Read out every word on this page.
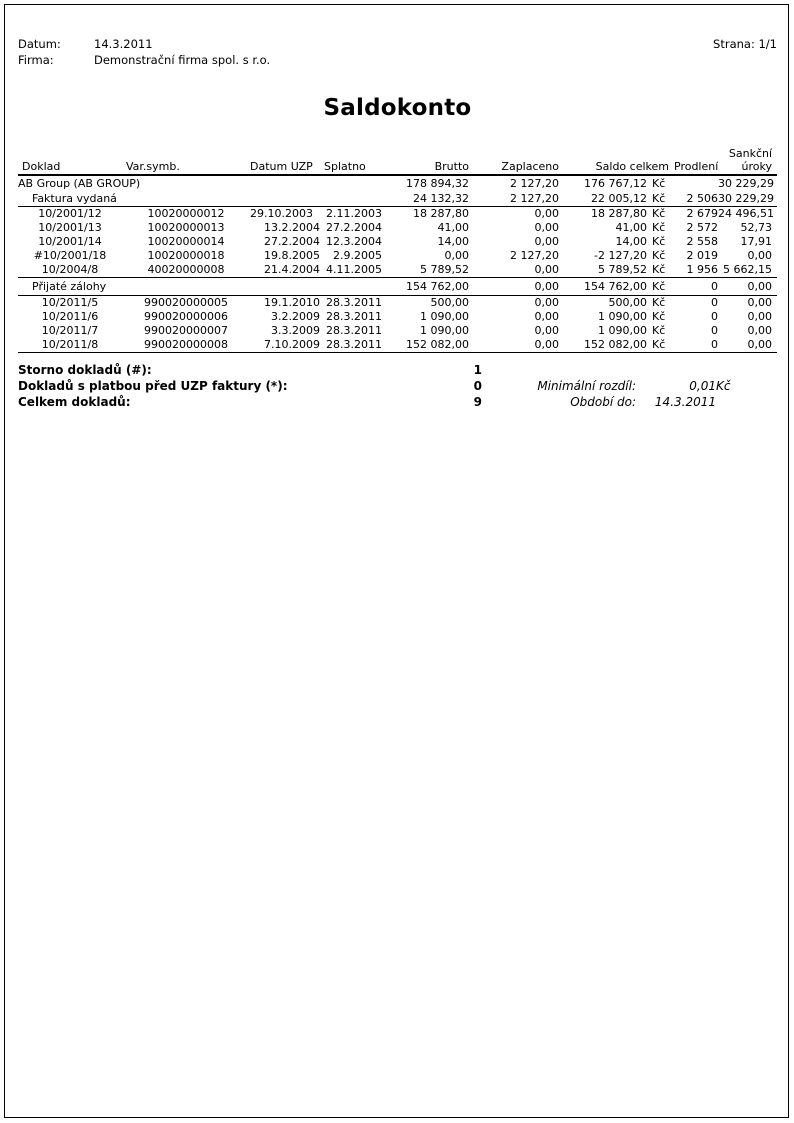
Datum:	14.3.2011
Firma:	Demonstrační firma spol. s r.o.
Strana: 1/1
Saldokonto
								Sankční	
Doklad	Var.symb.	Datum UZP	Splatno	Brutto	Zaplaceno	Saldo celkem		Prodlení	úroky
AB Group (AB GROUP)				178 894,32	2 127,20	176 767,12	Kč		30 229,29
Faktura vydaná				24 132,32	2 127,20	22 005,12	Kč	2 506	30 229,29
10/2001/12	10020000012	29.10.2003	2.11.2003	18 287,80	0,00	18 287,80	Kč	2 679	24 496,51
10/2001/13	10020000013	13.2.2004	27.2.2004	41,00	0,00	41,00	Kč	2 572	52,73
10/2001/14	10020000014	27.2.2004	12.3.2004	14,00	0,00	14,00	Kč	2 558	17,91
#10/2001/18	10020000018	19.8.2005	2.9.2005	0,00	2 127,20	-2 127,20	Kč	2 019	0,00
10/2004/8	40020000008	21.4.2004	4.11.2005	5 789,52	0,00	5 789,52	Kč	1 956	5 662,15
Přijaté zálohy				154 762,00	0,00	154 762,00	Kč	0	0,00
10/2011/5	990020000005	19.1.2010	28.3.2011	500,00	0,00	500,00	Kč	0	0,00
10/2011/6	990020000006	3.2.2009	28.3.2011	1 090,00	0,00	1 090,00	Kč	0	0,00
10/2011/7	990020000007	3.3.2009	28.3.2011	1 090,00	0,00	1 090,00	Kč	0	0,00
10/2011/8	990020000008	7.10.2009	28.3.2011	152 082,00	0,00	152 082,00	Kč	0	0,00
Storno dokladů (#):	1				
Dokladů s platbou před UZP faktury (*):	0		Minimální rozdíl:	0,01	Kč
Celkem dokladů:	9		Období do:	14.3.2011	
